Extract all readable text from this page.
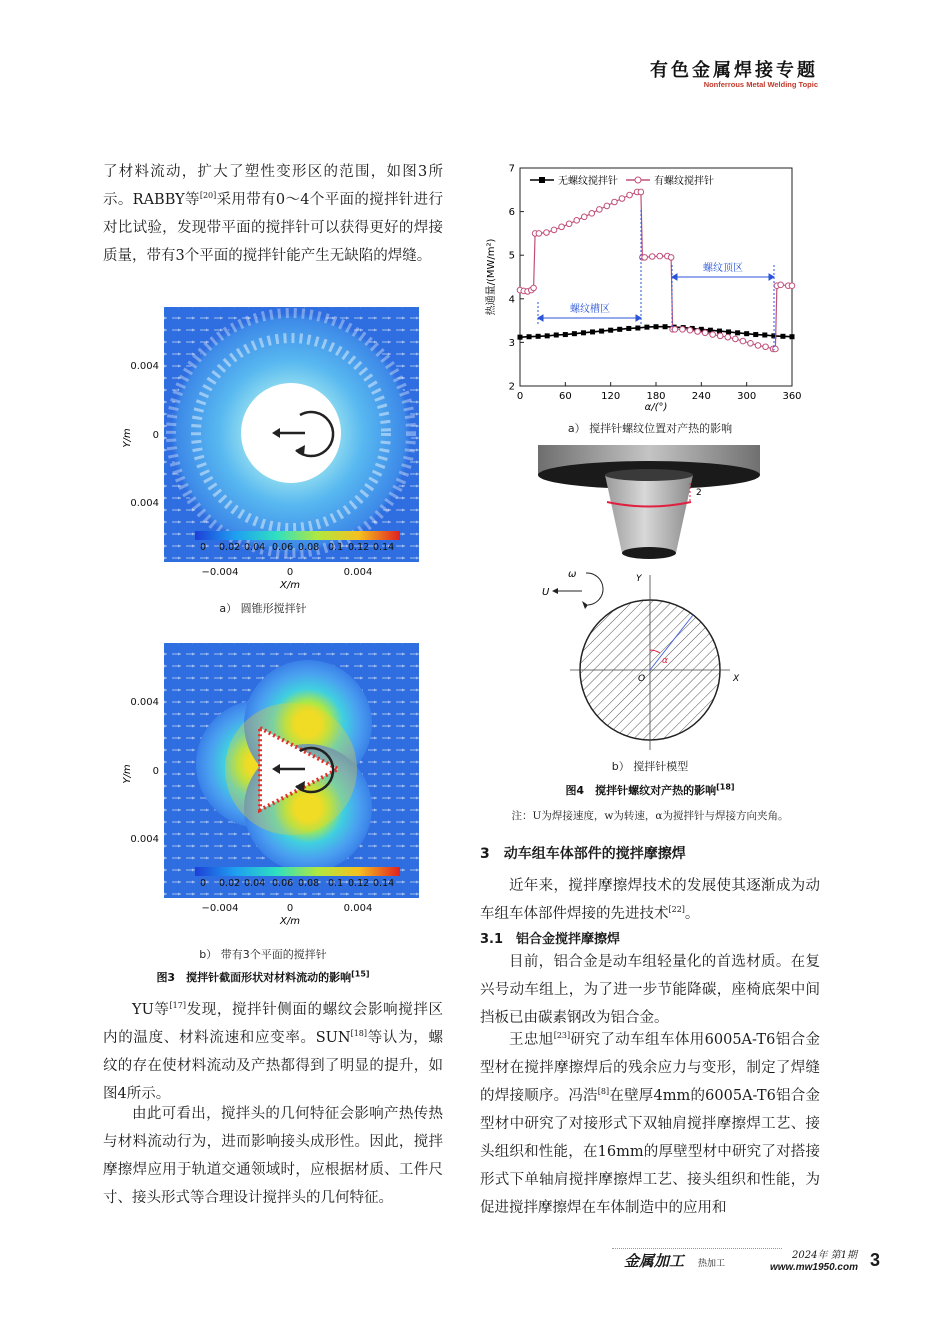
有色金属焊接专题
Nonferrous Metal Welding Topic

了材料流动，扩大了塑性变形区的范围，如图3所示。RABBY等[20]采用带有0～4个平面的搅拌针进行对比试验，发现带平面的搅拌针可以获得更好的焊接质量，带有3个平面的搅拌针能产生无缺陷的焊缝。

0 0.02 0.04 0.06 0.08 0.1 0.12 0.14
0.004
0
0.004
Y/m
−0.004	0	0.004
X/m
a） 圆锥形搅拌针
0 0.02 0.04 0.06 0.08 0.1 0.12 0.14
0.004
0
0.004
Y/m
−0.004	0	0.004
X/m
b） 带有3个平面的搅拌针
图3　搅拌针截面形状对材料流动的影响[15]

YU等[17]发现，搅拌针侧面的螺纹会影响搅拌区内的温度、材料流速和应变率。SUN[18]等认为，螺纹的存在使材料流动及产热都得到了明显的提升，如图4所示。

由此可看出，搅拌头的几何特征会影响产热传热与材料流动行为，进而影响接头成形性。因此，搅拌摩擦焊应用于轨道交通领域时，应根据材质、工件尺寸、接头形式等合理设计搅拌头的几何特征。

2
3
4
5
6
7
0	60	120	180	240	300	360
热通量/(MW/m²)
α/(°)
无螺纹搅拌针	有螺纹搅拌针
螺纹槽区
螺纹顶区
a） 搅拌针螺纹位置对产热的影响
2
ω
U
Y
X
O
α
b） 搅拌针模型
图4　搅拌针螺纹对产热的影响[18]
注：U为焊接速度，w为转速，α为搅拌针与焊接方向夹角。
3　动车组车体部件的搅拌摩擦焊

近年来，搅拌摩擦焊技术的发展使其逐渐成为动车组车体部件焊接的先进技术[22]。

3.1　铝合金搅拌摩擦焊

目前，铝合金是动车组轻量化的首选材质。在复兴号动车组上，为了进一步节能降碳，座椅底架中间挡板已由碳素钢改为铝合金。

王忠旭[23]研究了动车组车体用6005A-T6铝合金型材在搅拌摩擦焊后的残余应力与变形，制定了焊缝的焊接顺序。冯浩[8]在壁厚4mm的6005A-T6铝合金型材中研究了对接形式下双轴肩搅拌摩擦焊工艺、接头组织和性能，在16mm的厚壁型材中研究了对搭接形式下单轴肩搅拌摩擦焊工艺、接头组织和性能，为促进搅拌摩擦焊在车体制造中的应用和

金属加工 热加工
2024年 第1期
www.mw1950.com 3
